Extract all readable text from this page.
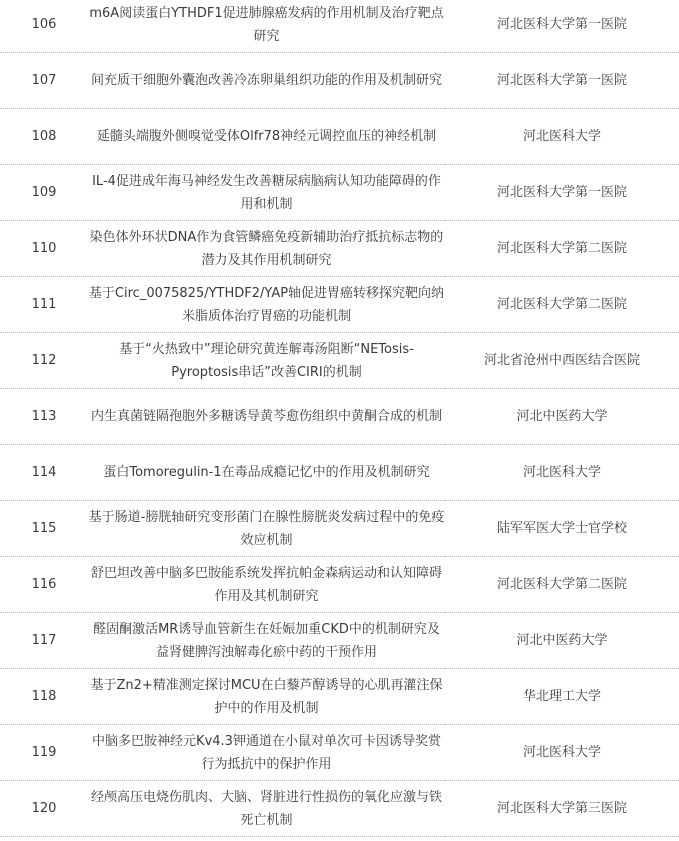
106	m6A阅读蛋白YTHDF1促进肺腺癌发病的作用机制及治疗靶点研究	河北医科大学第一医院
107	间充质干细胞外囊泡改善冷冻卵巢组织功能的作用及机制研究	河北医科大学第一医院
108	延髓头端腹外侧嗅觉受体Olfr78神经元调控血压的神经机制	河北医科大学
109	IL-4促进成年海马神经发生改善糖尿病脑病认知功能障碍的作用和机制	河北医科大学第一医院
110	染色体外环状DNA作为食管鳞癌免疫新辅助治疗抵抗标志物的潜力及其作用机制研究	河北医科大学第二医院
111	基于Circ_0075825/YTHDF2/YAP轴促进胃癌转移探究靶向纳米脂质体治疗胃癌的功能机制	河北医科大学第二医院
112	基于“火热致中”理论研究黄连解毒汤阻断“NETosis-Pyroptosis串话”改善CIRI的机制	河北省沧州中西医结合医院
113	内生真菌链隔孢胞外多糖诱导黄芩愈伤组织中黄酮合成的机制	河北中医药大学
114	蛋白Tomoregulin-1在毒品成瘾记忆中的作用及机制研究	河北医科大学
115	基于肠道-膀胱轴研究变形菌门在腺性膀胱炎发病过程中的免疫效应机制	陆军军医大学士官学校
116	舒巴坦改善中脑多巴胺能系统发挥抗帕金森病运动和认知障碍作用及其机制研究	河北医科大学第二医院
117	醛固酮激活MR诱导血管新生在妊娠加重CKD中的机制研究及益肾健脾泻浊解毒化瘀中药的干预作用	河北中医药大学
118	基于Zn2+精准测定探讨MCU在白藜芦醇诱导的心肌再灌注保护中的作用及机制	华北理工大学
119	中脑多巴胺神经元Kv4.3钾通道在小鼠对单次可卡因诱导奖赏行为抵抗中的保护作用	河北医科大学
120	经颅高压电烧伤肌肉、大脑、肾脏进行性损伤的氧化应激与铁死亡机制	河北医科大学第三医院
